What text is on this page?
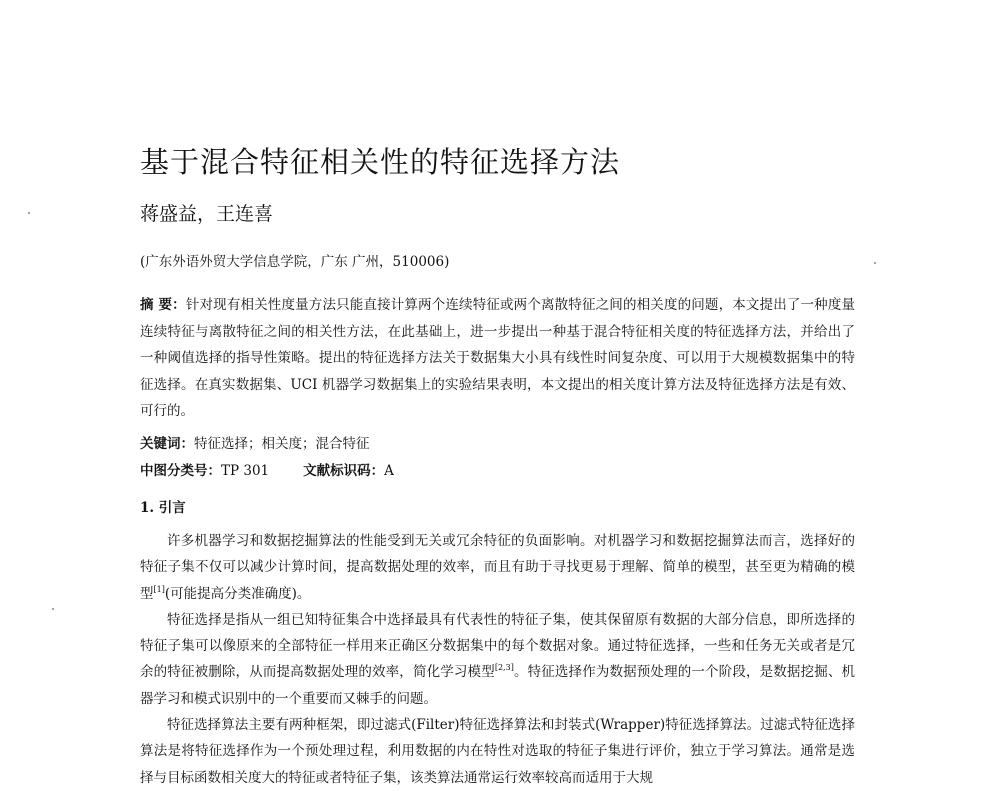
基于混合特征相关性的特征选择方法
蒋盛益，王连喜
(广东外语外贸大学信息学院，广东 广州，510006)
摘 要：针对现有相关性度量方法只能直接计算两个连续特征或两个离散特征之间的相关度的问题，本文提出了一种度量连续特征与离散特征之间的相关性方法，在此基础上，进一步提出一种基于混合特征相关度的特征选择方法，并给出了一种阈值选择的指导性策略。提出的特征选择方法关于数据集大小具有线性时间复杂度、可以用于大规模数据集中的特征选择。在真实数据集、UCI 机器学习数据集上的实验结果表明，本文提出的相关度计算方法及特征选择方法是有效、可行的。
关键词：特征选择；相关度；混合特征
中图分类号：TP 301	文献标识码：A
1. 引言

许多机器学习和数据挖掘算法的性能受到无关或冗余特征的负面影响。对机器学习和数据挖掘算法而言，选择好的特征子集不仅可以减少计算时间，提高数据处理的效率，而且有助于寻找更易于理解、简单的模型，甚至更为精确的模型[1](可能提高分类准确度)。

特征选择是指从一组已知特征集合中选择最具有代表性的特征子集，使其保留原有数据的大部分信息，即所选择的特征子集可以像原来的全部特征一样用来正确区分数据集中的每个数据对象。通过特征选择，一些和任务无关或者是冗余的特征被删除，从而提高数据处理的效率，简化学习模型[2,3]。特征选择作为数据预处理的一个阶段，是数据挖掘、机器学习和模式识别中的一个重要而又棘手的问题。

特征选择算法主要有两种框架，即过滤式(Filter)特征选择算法和封装式(Wrapper)特征选择算法。过滤式特征选择算法是将特征选择作为一个预处理过程，利用数据的内在特性对选取的特征子集进行评价，独立于学习算法。通常是选择与目标函数相关度大的特征或者特征子集，该类算法通常运行效率较高而适用于大规
